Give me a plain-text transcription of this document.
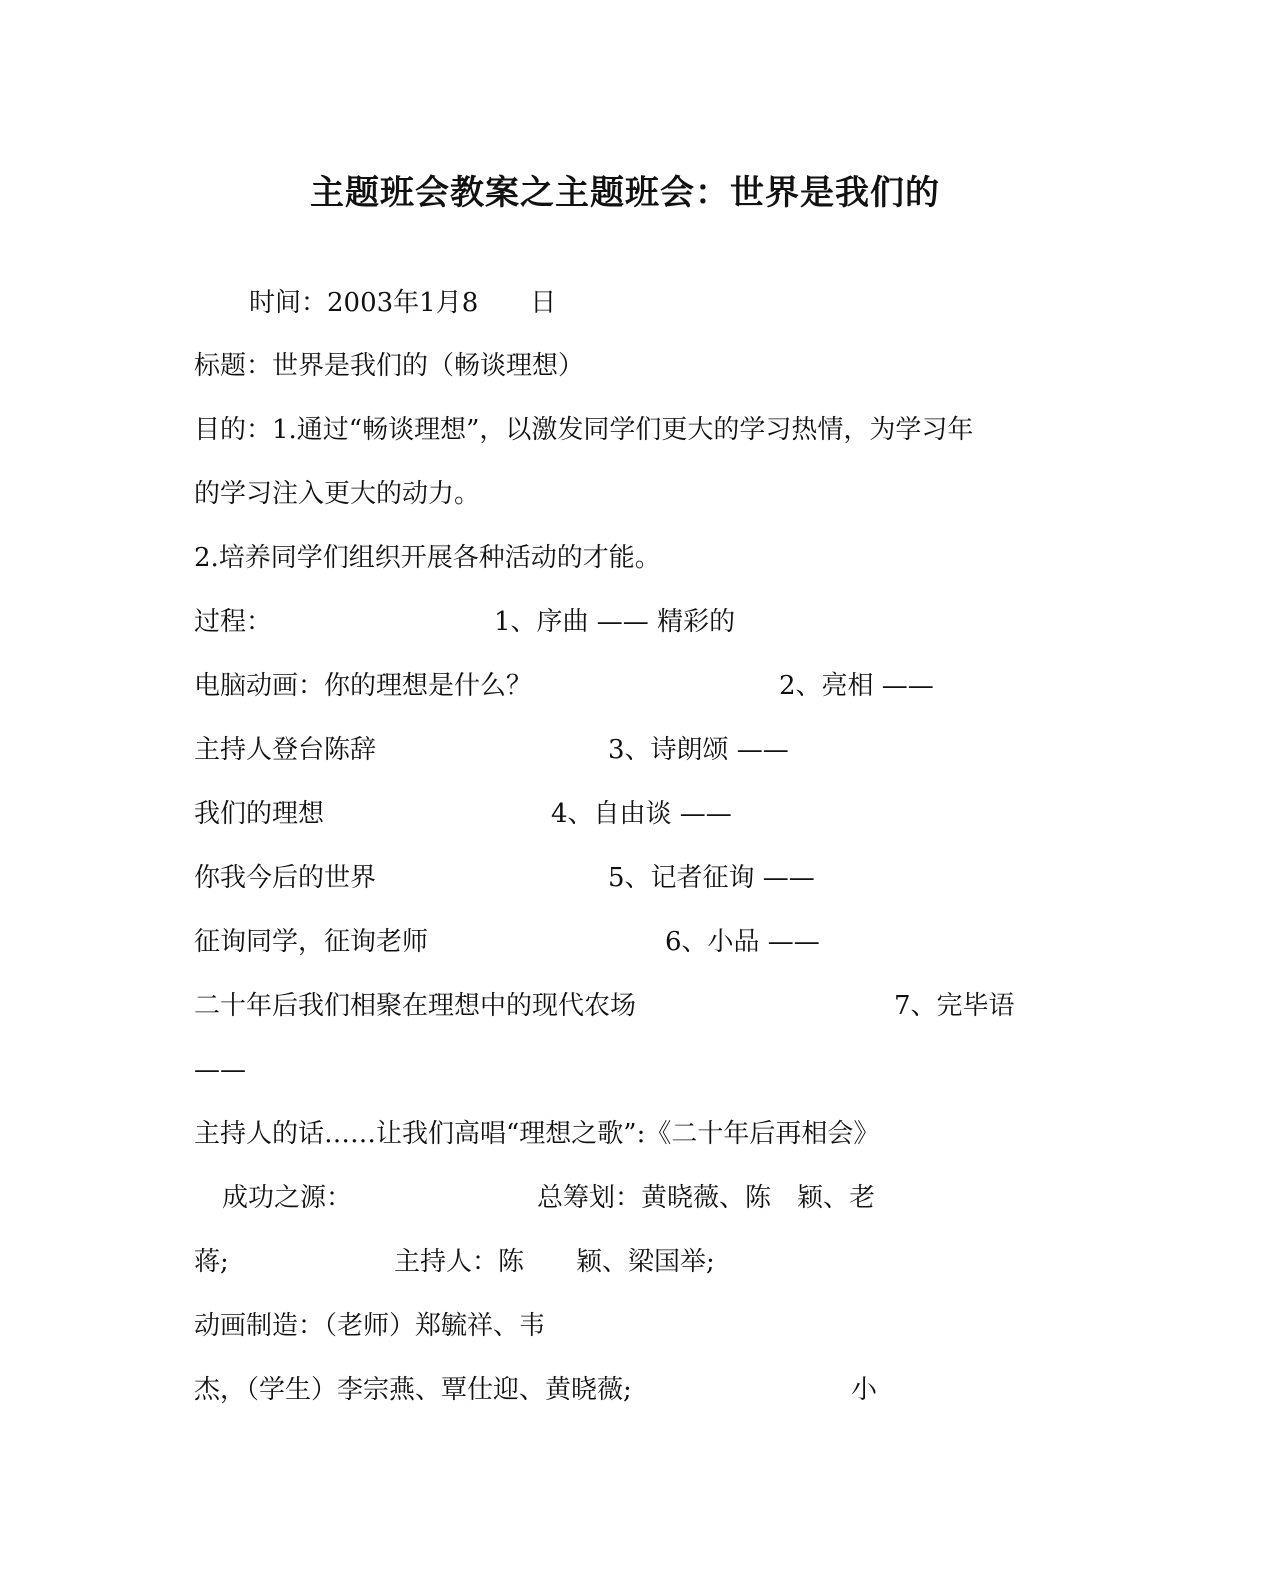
主题班会教案之主题班会：世界是我们的
时间：2003年1月8　　日
标题：世界是我们的（畅谈理想）
目的：1.通过“畅谈理想”，以激发同学们更大的学习热情，为学习年
的学习注入更大的动力。
2.培养同学们组织开展各种活动的才能。

过程：

	1、序曲 —— 精彩的

电脑动画：你的理想是什么？

	2、亮相 ——

主持人登台陈辞

	3、诗朗颂 ——

我们的理想

	4、自由谈 ——

你我今后的世界

	5、记者征询 ——

征询同学，征询老师

	6、小品 ——

二十年后我们相聚在理想中的现代农场

	7、完毕语

——
主持人的话……让我们高唱“理想之歌”:《二十年后再相会》

成功之源：

	总筹划：黄晓薇、陈　颖、老

蒋;

	主持人：陈　　颖、梁国举;

动画制造：（老师）郑毓祥、韦

杰，（学生）李宗燕、覃仕迎、黄晓薇;

	小
